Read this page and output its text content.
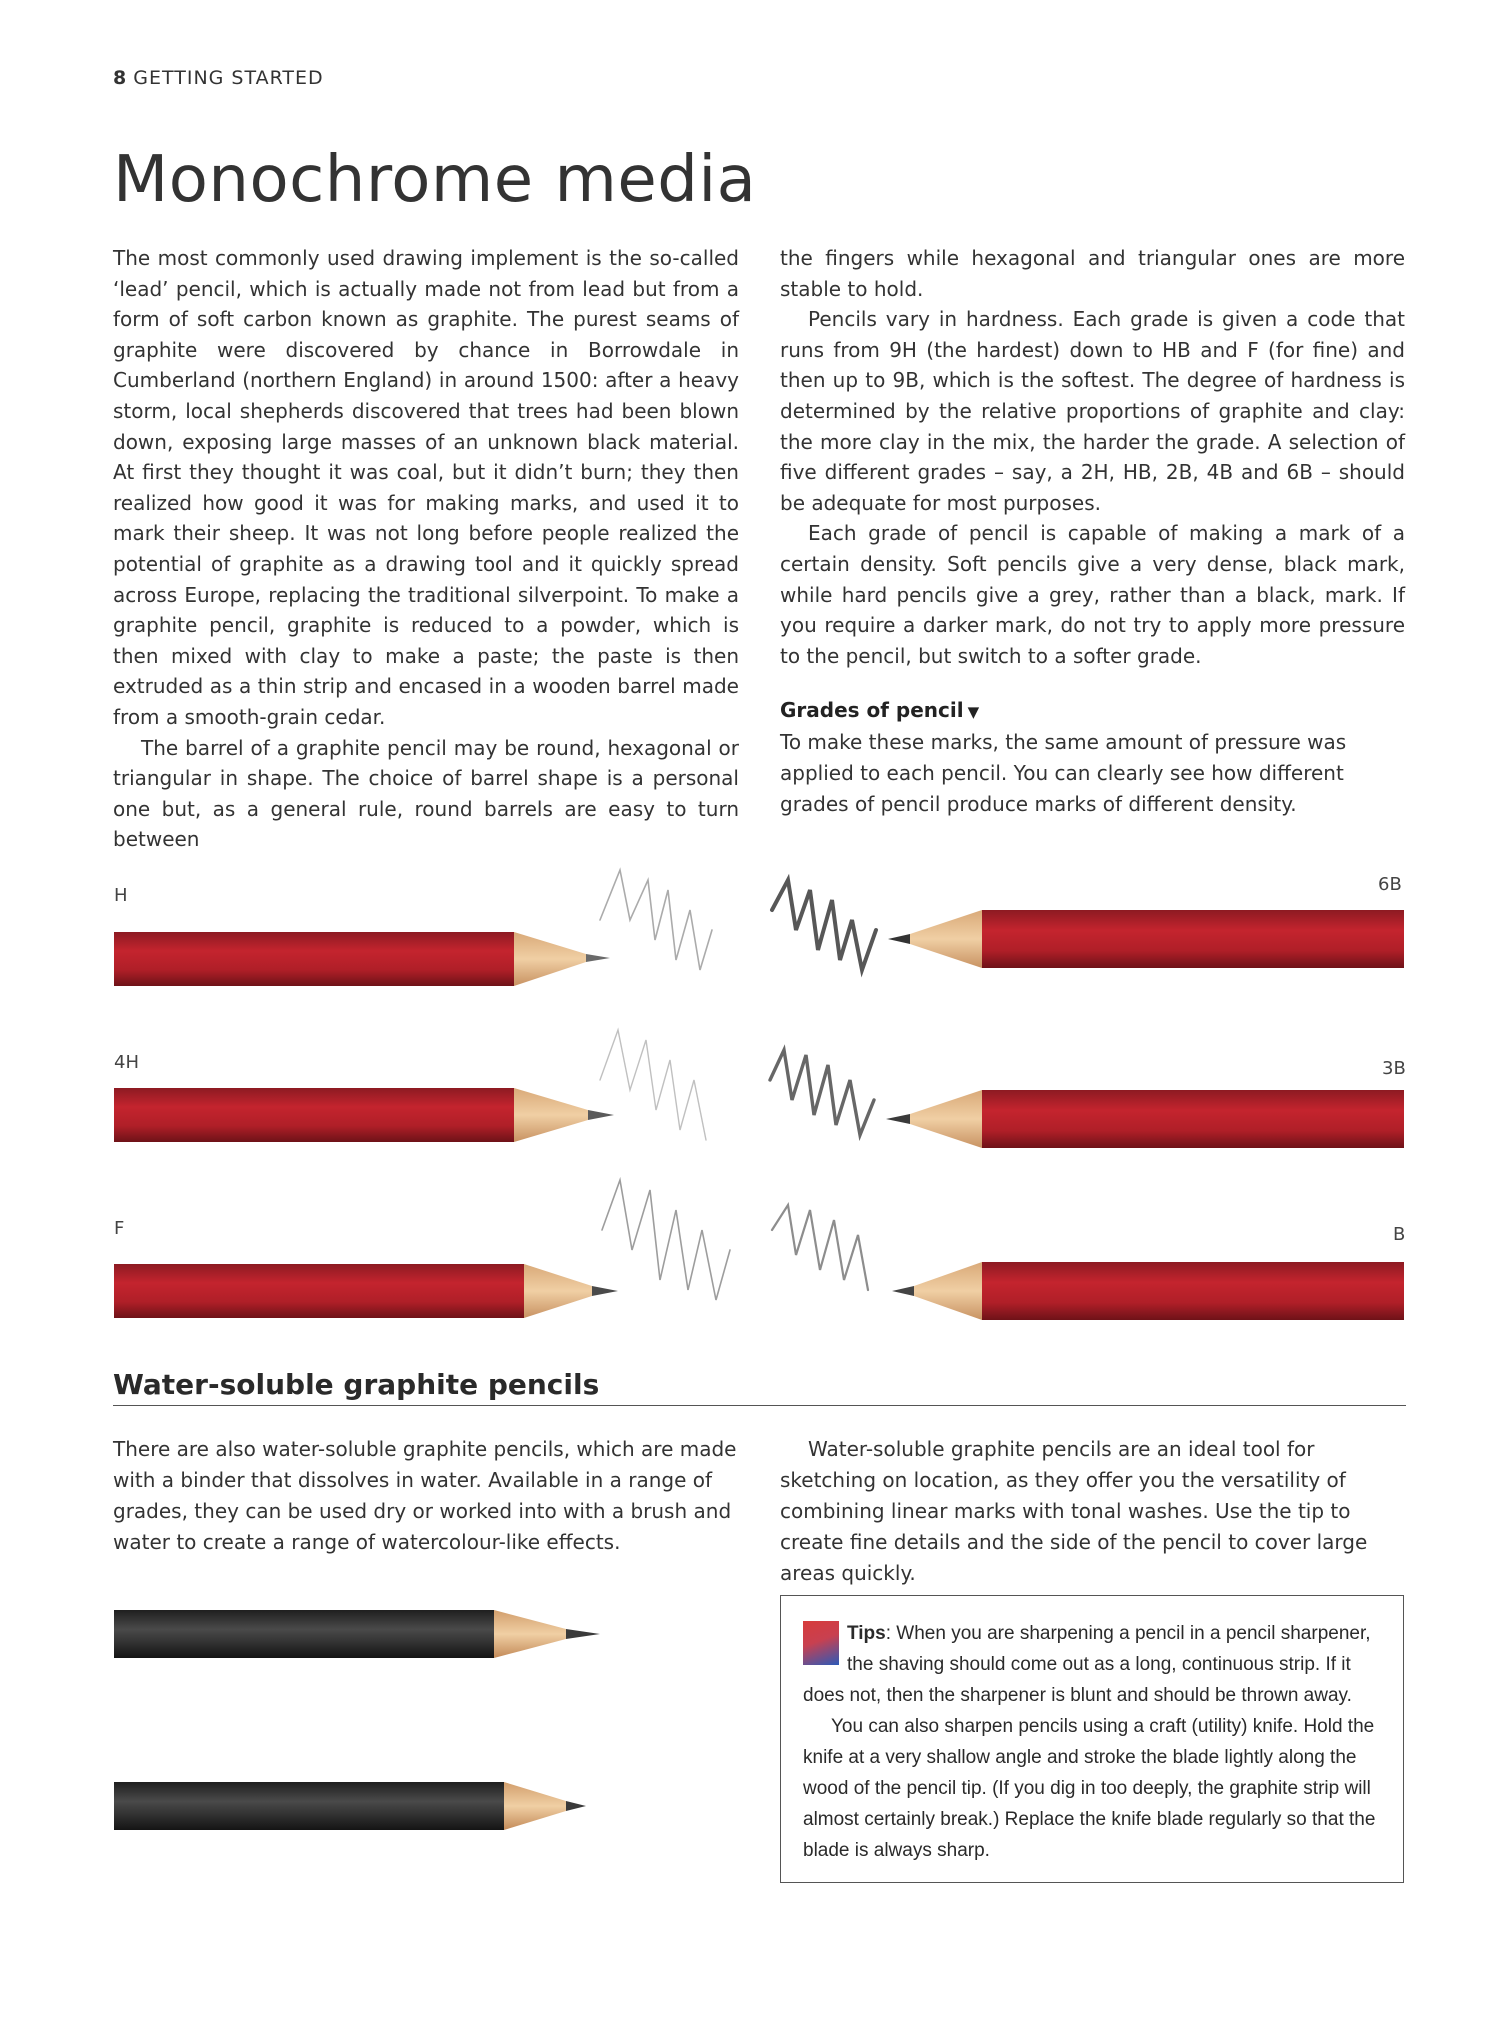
8 GETTING STARTED
Monochrome media

The most commonly used drawing implement is the so-called ‘lead’ pencil, which is actually made not from lead but from a form of soft carbon known as graphite. The purest seams of graphite were discovered by chance in Borrowdale in Cumberland (northern England) in around 1500: after a heavy storm, local shepherds discovered that trees had been blown down, exposing large masses of an unknown black material. At first they thought it was coal, but it didn’t burn; they then realized how good it was for making marks, and used it to mark their sheep. It was not long before people realized the potential of graphite as a drawing tool and it quickly spread across Europe, replacing the traditional silverpoint. To make a graphite pencil, graphite is reduced to a powder, which is then mixed with clay to make a paste; the paste is then extruded as a thin strip and encased in a wooden barrel made from a smooth-grain cedar.

The barrel of a graphite pencil may be round, hexagonal or triangular in shape. The choice of barrel shape is a personal one but, as a general rule, round barrels are easy to turn between

the fingers while hexagonal and triangular ones are more stable to hold.

Pencils vary in hardness. Each grade is given a code that runs from 9H (the hardest) down to HB and F (for fine) and then up to 9B, which is the softest. The degree of hardness is determined by the relative proportions of graphite and clay: the more clay in the mix, the harder the grade. A selection of five different grades – say, a 2H, HB, 2B, 4B and 6B – should be adequate for most purposes.

Each grade of pencil is capable of making a mark of a certain density. Soft pencils give a very dense, black mark, while hard pencils give a grey, rather than a black, mark. If you require a darker mark, do not try to apply more pressure to the pencil, but switch to a softer grade.

Grades of pencil ▼

To make these marks, the same amount of pressure was applied to each pencil. You can clearly see how different grades of pencil produce marks of different density.

H
4H
F
6B
3B
B
Water-soluble graphite pencils

There are also water-soluble graphite pencils, which are made with a binder that dissolves in water. Available in a range of grades, they can be used dry or worked into with a brush and water to create a range of watercolour-like effects.

Water-soluble graphite pencils are an ideal tool for sketching on location, as they offer you the versatility of combining linear marks with tonal washes. Use the tip to create fine details and the side of the pencil to cover large areas quickly.

Tips: When you are sharpening a pencil in a pencil sharpener, the shaving should come out as a long, continuous strip. If it does not, then the sharpener is blunt and should be thrown away.

You can also sharpen pencils using a craft (utility) knife. Hold the knife at a very shallow angle and stroke the blade lightly along the wood of the pencil tip. (If you dig in too deeply, the graphite strip will almost certainly break.) Replace the knife blade regularly so that the blade is always sharp.
